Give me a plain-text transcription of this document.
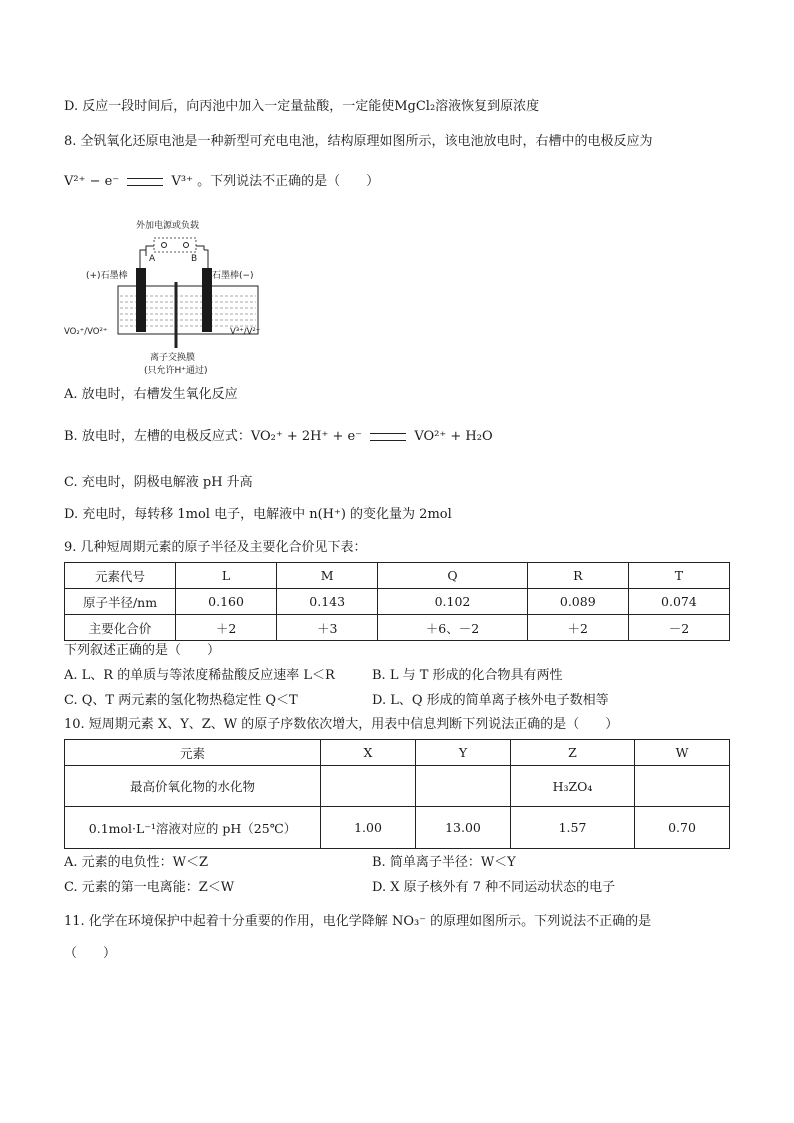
D. 反应一段时间后，向丙池中加入一定量盐酸，一定能使MgCl₂溶液恢复到原浓度
8. 全钒氧化还原电池是一种新型可充电电池，结构原理如图所示，该电池放电时，右槽中的电极反应为
V²⁺ − e⁻	V³⁺ 。下列说法不正确的是（　　）
外加电源或负载
A	B
(+)石墨棒	石墨棒(−)
VO₂⁺/VO²⁺	V³⁺/V²⁺
离子交换膜
(只允许H⁺通过)
A. 放电时，右槽发生氧化反应
B. 放电时，左槽的电极反应式：VO₂⁺ + 2H⁺ + e⁻	VO²⁺ + H₂O
C. 充电时，阴极电解液 pH 升高
D. 充电时，每转移 1mol 电子，电解液中 n(H⁺) 的变化量为 2mol
9. 几种短周期元素的原子半径及主要化合价见下表：
元素代号	L	M	Q	R	T
原子半径/nm	0.160	0.143	0.102	0.089	0.074
主要化合价	＋2	＋3	＋6、－2	＋2	－2
下列叙述正确的是（　　）
A. L、R 的单质与等浓度稀盐酸反应速率 L＜R	B. L 与 T 形成的化合物具有两性
C. Q、T 两元素的氢化物热稳定性 Q＜T	D. L、Q 形成的简单离子核外电子数相等
10. 短周期元素 X、Y、Z、W 的原子序数依次增大，用表中信息判断下列说法正确的是（　　）
元素	X	Y	Z	W
最高价氧化物的水化物			H₃ZO₄	
0.1mol·L⁻¹溶液对应的 pH（25℃）	1.00	13.00	1.57	0.70
A. 元素的电负性：W＜Z	B. 简单离子半径：W＜Y
C. 元素的第一电离能：Z＜W	D. X 原子核外有 7 种不同运动状态的电子
11. 化学在环境保护中起着十分重要的作用，电化学降解 NO₃⁻ 的原理如图所示。下列说法不正确的是
（　　）
